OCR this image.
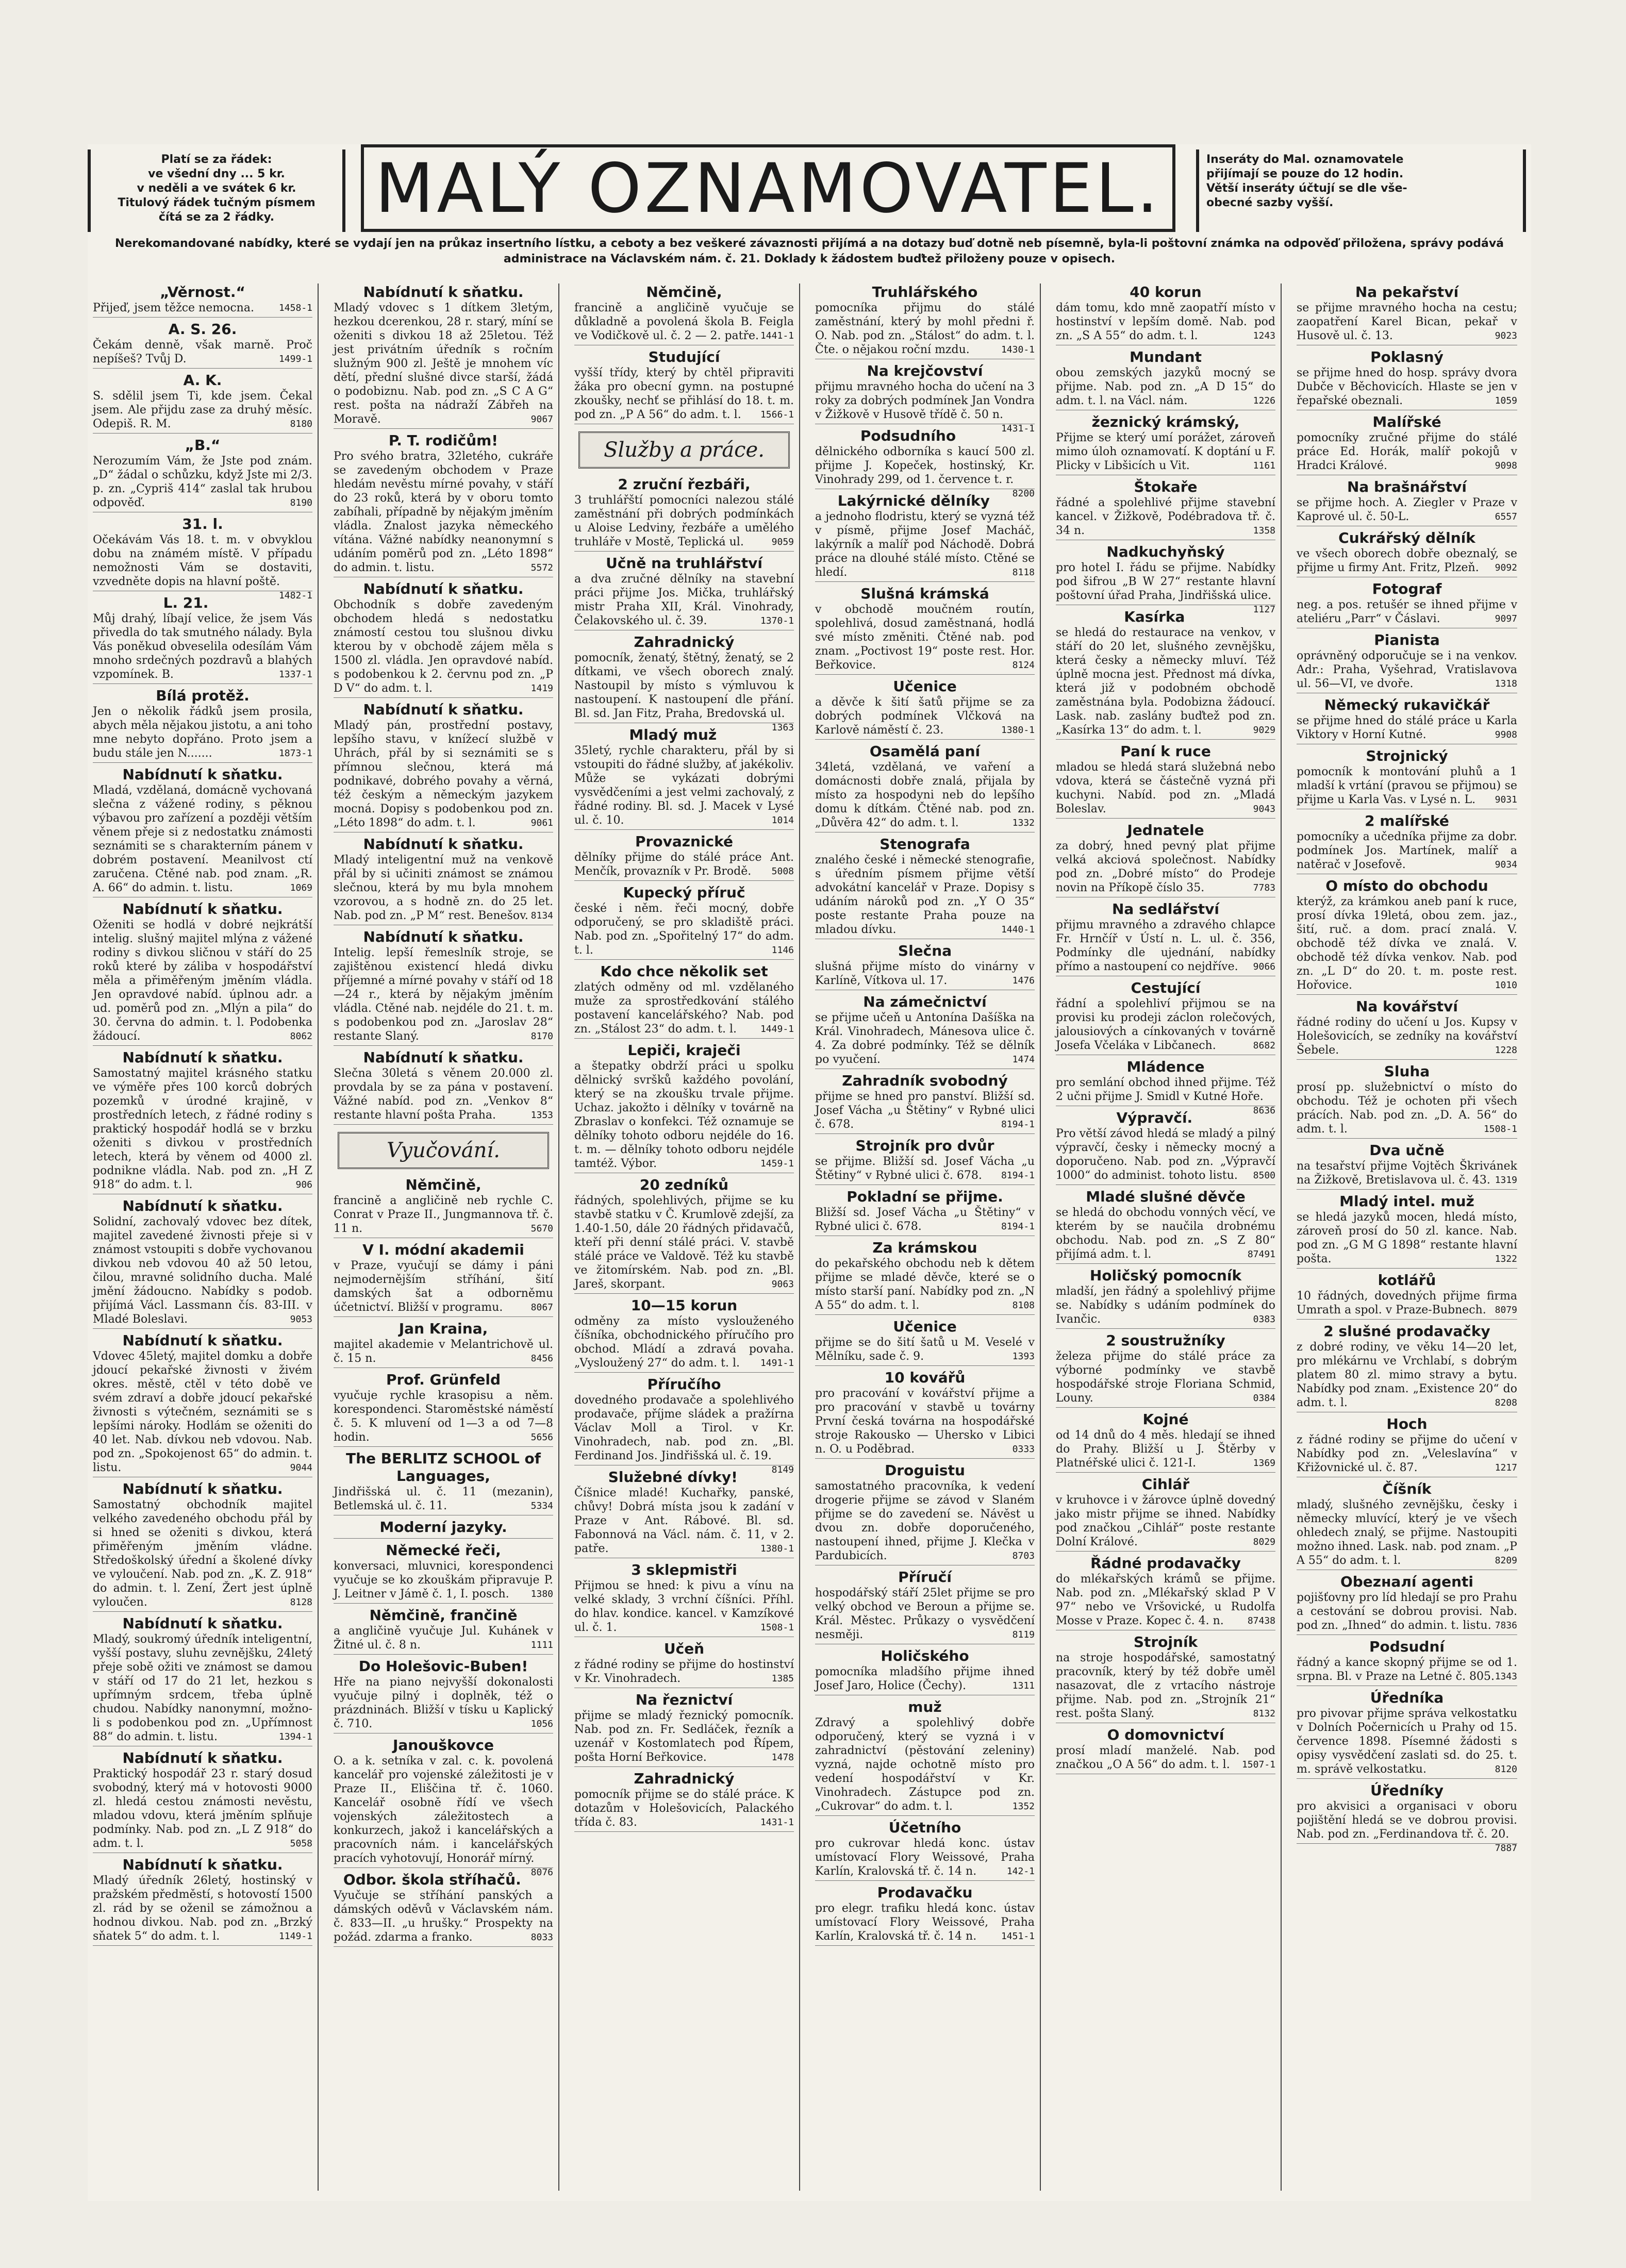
Platí se za řádek:
ve všední dny ... 5 kr.
v neděli a ve svátek 6 kr.
Titulový řádek tučným písmem
čítá se za 2 řádky.	MALÝ OZNAMOVATEL.	Inseráty do Mal. oznamovatele
přijímají se pouze do 12 hodin.
Větší inseráty účtují se dle vše-
obecné sazby vyšší.
Nerekomandované nabídky, které se vydají jen na průkaz insertního lístku, a ceboty a bez veškeré závaznosti přijímá a na dotazy buď dotně neb písemně, byla-li poštovní známka na odpověď přiložena, správy podává administrace na Václavském nám. č. 21. Doklady k žádostem buďtež přiloženy pouze v opisech.
„Věrnost.“
Přijeď, jsem těžce nemocna.	1458-1
A. S. 26.
Čekám denně, však marně. Proč nepíšeš? Tvůj D.	1499-1
A. K.
S. sdělil jsem Ti, kde jsem. Čekal jsem. Ale přijdu zase za druhý měsíc. Odepiš. R. M.	8180
„B.“
Nerozumím Vám, že Jste pod znám. „D“ žádal o schůzku, když Jste mi 2/3. p. zn. „Cypriš 414“ zaslal tak hrubou odpověď.	8190
31. l.
Očekávám Vás 18. t. m. v obvyklou dobu na známém místě. V případu nemožnosti Vám se dostaviti, vzvedněte dopis na hlavní poště.
1482-1
L. 21.
Můj drahý, líbají velice, že jsem Vás přivedla do tak smutného nálady. Byla Vás poněkud obveselila odesílám Vám mnoho srdečných pozdravů a blahých vzpomínek. B.	1337-1
Bílá protěž.
Jen o několik řádků jsem prosila, abych měla nějakou jistotu, a ani toho mne nebyto dopřáno. Proto jsem a budu stále jen N.......	1873-1
Nabídnutí k sňatku.
Mladá, vzdělaná, domácně vychovaná slečna z vážené rodiny, s pěknou výbavou pro zařízení a později větším věnem přeje si z nedostatku známosti seznámiti se s charakterním pánem v dobrém postavení. Meanilvost ctí zaručena. Ctěné nab. pod znam. „R. A. 66“ do admin. t. listu.	1069
Nabídnutí k sňatku.
Oženiti se hodlá v dobré nejkrátší intelig. slušný majitel mlýna z vážené rodiny s divkou sličnou v stáří do 25 roků které by záliba v hospodářství měla a přiměřeným jměním vládla. Jen opravdové nabíd. úplnou adr. a ud. poměrů pod zn. „Mlýn a pila“ do 30. června do admin. t. l. Podobenka žádoucí.	8062
Nabídnutí k sňatku.
Samostatný majitel krásného statku ve výměře přes 100 korců dobrých pozemků v úrodné krajině, v prostředních letech, z řádné rodiny s praktický hospodář hodlá se v brzku oženiti s divkou v prostředních letech, která by věnem od 4000 zl. podnikne vládla. Nab. pod zn. „H Z 918“ do adm. t. l.	906
Nabídnutí k sňatku.
Solidní, zachovalý vdovec bez dítek, majitel zavedené živnosti přeje si v známost vstoupiti s dobře vychovanou divkou neb vdovou 40 až 50 letou, čilou, mravné solidního ducha. Malé jmění žádoucno. Nabídky s podob. přijímá Václ. Lassmann čís. 83-III. v Mladé Boleslavi.	9053
Nabídnutí k sňatku.
Vdovec 45letý, majitel domku a dobře jdoucí pekařské živnosti v živém okres. městě, ctěl v této době ve svém zdraví a dobře jdoucí pekařské živnosti s výtečném, seznámiti se s lepšími nároky. Hodlám se oženiti do 40 let. Nab. dívkou neb vdovou. Nab. pod zn. „Spokojenost 65“ do admin. t. listu.	9044
Nabídnutí k sňatku.
Samostatný obchodník majitel velkého zavedeného obchodu přál by si hned se oženiti s divkou, která přiměřeným jměním vládne. Středoškolský úřední a školené dívky ve vyloučení. Nab. pod zn. „K. Z. 918“ do admin. t. l. Zení, Žert jest úplně vyloučen.	8128
Nabídnutí k sňatku.
Mladý, soukromý úředník inteligentní, vyšší postavy, sluhu zevnějšku, 24letý přeje sobě ožiti ve známost se damou v stáří od 17 do 21 let, hezkou s upřímným srdcem, třeba úplně chudou. Nabídky nanonymní, možno-li s podobenkou pod zn. „Upřímnost 88“ do admin. t. listu.	1394-1
Nabídnutí k sňatku.
Praktický hospodář 23 r. starý dosud svobodný, který má v hotovosti 9000 zl. hledá cestou známosti nevěstu, mladou vdovu, která jměním splňuje podmínky. Nab. pod zn. „L Z 918“ do adm. t. l.	5058
Nabídnutí k sňatku.
Mladý úředník 26letý, hostinský v pražském předměstí, s hotovostí 1500 zl. rád by se oženil se zámožnou a hodnou divkou. Nab. pod zn. „Brzký sňatek 5“ do adm. t. l.	1149-1
Nabídnutí k sňatku.
Mladý vdovec s 1 dítkem 3letým, hezkou dcerenkou, 28 r. starý, míní se oženiti s divkou 18 až 25letou. Též jest privátním úředník s ročním služným 900 zl. Ještě je mnohem víc dětí, přední slušné divce starší, žádá o podobiznu. Nab. pod zn. „S C A G“ rest. pošta na nádraží Zábřeh na Moravě.	9067
P. T. rodičům!
Pro svého bratra, 32letého, cukráře se zavedeným obchodem v Praze hledám nevěstu mírné povahy, v stáří do 23 roků, která by v oboru tomto zabíhali, případně by nějakým jměním vládla. Znalost jazyka německého vítána. Vážné nabídky neanonymní s udáním poměrů pod zn. „Léto 1898“ do admin. t. listu.	5572
Nabídnutí k sňatku.
Obchodník s dobře zavedeným obchodem hledá s nedostatku známostí cestou tou slušnou divku kterou by v obchodě zájem měla s 1500 zl. vládla. Jen opravdové nabíd. s podobenkou k 2. červnu pod zn. „P D V“ do adm. t. l.	1419
Nabídnutí k sňatku.
Mladý pán, prostřední postavy, lepšího stavu, v knížecí službě v Uhrách, přál by si seznámiti se s přímnou slečnou, která má podnikavé, dobrého povahy a věrná, též českým a německým jazykem mocná. Dopisy s podobenkou pod zn. „Léto 1898“ do adm. t. l.	9061
Nabídnutí k sňatku.
Mladý inteligentní muž na venkově přál by si učiniti známost se známou slečnou, která by mu byla mnohem vzorovou, a s hodně zn. do 25 let. Nab. pod zn. „P M“ rest. Benešov. 8134
Nabídnutí k sňatku.
Intelig. lepší řemeslník stroje, se zajištěnou existencí hledá divku příjemné a mírné povahy v stáří od 18—24 r., která by nějakým jměním vládla. Ctěné nab. nejdéle do 21. t. m. s podobenkou pod zn. „Jaroslav 28“ restante Slaný.	8170
Nabídnutí k sňatku.
Slečna 30letá s věnem 20.000 zl. provdala by se za pána v postavení. Vážné nabíd. pod zn. „Venkov 8“ restante hlavní pošta Praha.	1353
Vyučování.
Němčině,
francině a angličině neb rychle C. Conrat v Praze II., Jungmannova tř. č. 11 n.	5670
V I. módní akademii
v Praze, vyučují se dámy i páni nejmodernějším stříhání, šití damských šat a odborněmu účetnictví. Bližší v programu.	8067
Jan Kraina,
majitel akademie v Melantrichově ul. č. 15 n.	8456
Prof. Grünfeld
vyučuje rychle krasopisu a něm. korespondenci. Staroměstské náměstí č. 5. K mluvení od 1—3 a od 7—8 hodin.	5656
The BERLITZ SCHOOL of Languages,
Jindřišská ul. č. 11 (mezanin), Betlemská ul. č. 11.	5334
Moderní jazyky.
Německé řeči,
konversaci, mluvnici, korespondenci vyučuje se ko zkouškám připravuje P. J. Leitner v Jámě č. 1, I. posch. 1380
Němčině, frančině
a angličině vyučuje Jul. Kuhánek v Žitné ul. č. 8 n.	1111
Do Holešovic-Buben!
Hře na piano nejvyšší dokonalosti vyučuje pilný i doplněk, též o prázdninách. Bližší v tísku u Kaplický č. 710.	1056
Janouškovce
O. a k. setníka v zal. c. k. povolená kancelář pro vojenské záležitosti je v Praze II., Eliščina tř. č. 1060. Kancelář osobně řídí ve všech vojenských záležitostech a konkurzech, jakož i kancelářských a pracovních nám. i kancelářských pracích vyhotovují, Honorář mírný.
8076
Odbor. škola stříhačů.
Vyučuje se stříhání panských a dámských oděvů v Václavském nám. č. 833—II. „u hrušky.“ Prospekty na požád. zdarma a franko.	8033
Němčině,
francině a angličině vyučuje se důkladně a povolená škola B. Feigla ve Vodičkově ul. č. 2 — 2. patře. 1441-1
Studující
vyšší třídy, který by chtěl připraviti žáka pro obecní gymn. na postupné zkoušky, nechť se přihlásí do 18. t. m. pod zn. „P A 56“ do adm. t. l. 1566-1
Služby a práce.
2 zruční řezbáři,
3 truhlářští pomocníci nalezou stálé zaměstnání při dobrých podmínkách u Aloise Ledviny, řezbáře a umělého truhláře v Mostě, Teplická ul.	9059
Učně na truhlářství
a dva zručné dělníky na stavební práci přijme Jos. Mička, truhlářský mistr Praha XII, Král. Vinohrady, Čelakovského ul. č. 39.	1370-1
Zahradnický
pomocník, ženatý, štětný, ženatý, se 2 dítkami, ve všech oborech znalý. Nastoupil by místo s výmluvou k nastoupení. K nastoupení dle přání. Bl. sd. Jan Fitz, Praha, Bredovská ul.
1363
Mladý muž
35letý, rychle charakteru, přál by si vstoupiti do řádné služby, ať jakékoliv. Může se vykázati dobrými vysvědčeními a jest velmi zachovalý, z řádné rodiny. Bl. sd. J. Macek v Lysé ul. č. 10.	1014
Provaznické
dělníky přijme do stálé práce Ant. Menčík, provazník v Pr. Brodě. 5008
Kupecký příruč
české i něm. řeči mocný, dobře odporučený, se pro skladiště práci. Nab. pod zn. „Spořitelný 17“ do adm. t. l.	1146
Kdo chce několik set
zlatých odměny od ml. vzdělaného muže za sprostředkování stálého postavení kancelářského? Nab. pod zn. „Stálost 23“ do adm. t. l.	1449-1
Lepiči, kraječi
a štepatky obdrží práci u spolku dělnický svršků každého povolání, který se na zkoušku trvale přijme. Uchaz. jakožto i dělníky v továrně na Zbraslav o konfekci. Též oznamuje se dělníky tohoto odboru nejdéle do 16. t. m. — dělníky tohoto odboru nejdéle tamtéž. Výbor.	1459-1
20 zedníků
řádných, spolehlivých, přijme se ku stavbě statku v Č. Krumlově zdejší, za 1.40-1.50, dále 20 řádných přidavačů, kteří při denní stálé práci. V. stavbě stálé práce ve Valdově. Též ku stavbě ve žitomírském. Nab. pod zn. „Bl. Jareš, skorpant.	9063
10—15 korun
odměny za místo vyslouženého číšníka, obchodnického příručího pro obchod. Mládí a zdravá povaha. „Vysloužený 27“ do adm. t. l. 1491-1
Příručího
dovedného prodavače a spolehlivého prodavače, příjme sládek a pražírna Václav Moll a Tirol. v Kr. Vinohradech, nab. pod zn. „Bl. Ferdinand Jos. Jindřišská ul. č. 19.
8149
Služebné dívky!
Číšnice mladé! Kuchařky, panské, chůvy! Dobrá místa jsou k zadání v Praze v Ant. Rábové. Bl. sd. Fabonnová na Václ. nám. č. 11, v 2. patře.	1380-1
3 sklepmistři
Přijmou se hned: k pivu a vínu na velké sklady, 3 vrchní číšníci. Příhl. do hlav. kondice. kancel. v Kamzíkové ul. č. 1.	1508-1
Učeň
z řádné rodiny se přijme do hostinství v Kr. Vinohradech.	1385
Na řeznictví
přijme se mladý řeznický pomocník. Nab. pod zn. Fr. Sedláček, řezník a uzenář v Kostomlatech pod Řípem, pošta Horní Beřkovice.	1478
Zahradnický
pomocník přijme se do stálé práce. K dotazům v Holešovicích, Palackého třída č. 83.	1431-1
Truhlářského
pomocníka přijmu do stálé zaměstnání, který by mohl předni ř. O. Nab. pod zn. „Stálost“ do adm. t. l. Čte. o nějakou roční mzdu.	1430-1
Na krejčovství
přijmu mravného hocha do učení na 3 roky za dobrých podmínek Jan Vondra v Žižkově v Husově třídě č. 50 n.
1431-1
Podsudního
dělnického odborníka s kaucí 500 zl. přijme J. Kopeček, hostinský, Kr. Vinohrady 299, od 1. července t. r.
8200
Lakýrnické dělníky
a jednoho flodristu, který se vyzná též v písmě, přijme Josef Macháč, lakýrník a malíř pod Náchodě. Dobrá práce na dlouhé stálé místo. Ctěné se hledí.	8118
Slušná krámská
v obchodě moučném routín, spolehlivá, dosud zaměstnaná, hodlá své místo změniti. Čtěné nab. pod znam. „Poctivost 19“ poste rest. Hor. Beřkovice.	8124
Učenice
a děvče k šití šatů přijme se za dobrých podmínek Vlčková na Karlově náměstí č. 23.	1380-1
Osamělá paní
34letá, vzdělaná, ve vaření a domácnosti dobře znalá, přijala by místo za hospodyni neb do lepšího domu k dítkám. Čtěné nab. pod zn. „Důvěra 42“ do adm. t. l.	1332
Stenografa
znalého české i německé stenografie, s úředním písmem přijme větší advokátní kancelář v Praze. Dopisy s udáním nároků pod zn. „Y O 35“ poste restante Praha pouze na mladou dívku.	1440-1
Slečna
slušná přijme místo do vinárny v Karlíně, Vítkova ul. 17.	1476
Na zámečnictví
se přijme učeň u Antonína Dašíška na Král. Vinohradech, Mánesova ulice č. 4. Za dobré podmínky. Též se dělník po vyučení.	1474
Zahradník svobodný
přijme se hned pro panství. Bližší sd. Josef Vácha „u Štětiny“ v Rybné ulici č. 678.	8194-1
Strojník pro dvůr
se přijme. Bližší sd. Josef Vácha „u Štětiny“ v Rybné ulici č. 678. 8194-1
Pokladní se přijme.
Bližší sd. Josef Vácha „u Štětiny“ v Rybné ulici č. 678.	8194-1
Za krámskou
do pekařského obchodu neb k dětem přijme se mladé děvče, které se o místo starší paní. Nabídky pod zn. „N A 55“ do adm. t. l.	8108
Učenice
přijme se do šití šatů u M. Veselé v Mělníku, sade č. 9.	1393
10 kovářů
pro pracování v kovářství přijme a pro pracování v stavbě u továrny První česká továrna na hospodářské stroje Rakousko — Uhersko v Libici n. O. u Poděbrad.	0333
Droguistu
samostatného pracovníka, k vedení drogerie přijme se závod v Slaném přijme se do zavedení se. Návěst u dvou zn. dobře doporučeného, nastoupení ihned, přijme J. Klečka v Pardubicích.	8703
Příručí
hospodářský stáří 25let přijme se pro velký obchod ve Beroun a přijme se. Král. Městec. Průkazy o vysvědčení nesměji.	8119
Holičského
pomocníka mladšího přijme ihned Josef Jaro, Holice (Čechy).	1311
muž
Zdravý a spolehlivý dobře odporučený, který se vyzná i v zahradnictví (pěstování zeleniny) vyzná, najde ochotně místo pro vedení hospodářství v Kr. Vinohradech. Zástupce pod zn. „Cukrovar“ do adm. t. l.	1352
Účetního
pro cukrovar hledá konc. ústav umístovací Flory Weissové, Praha Karlín, Kralovská tř. č. 14 n.	142-1
Prodavačku
pro elegr. trafiku hledá konc. ústav umístovací Flory Weissové, Praha Karlín, Kralovská tř. č. 14 n.	1451-1
40 korun
dám tomu, kdo mně zaopatří místo v hostinství v lepším domě. Nab. pod zn. „S A 55“ do adm. t. l.	1243
Mundant
obou zemských jazyků mocný se přijme. Nab. pod zn. „A D 15“ do adm. t. l. na Václ. nám.	1226
žeznický krámský,
Přijme se který umí porážet, zároveň mimo úloh oznamovatí. K doptání u F. Plicky v Libšicích u Vit.	1161
Štokaře
řádné a spolehlivé přijme stavební kancel. v Žižkově, Podébradova tř. č. 34 n.	1358
Nadkuchyňský
pro hotel I. řádu se přijme. Nabídky pod šifrou „B W 27“ restante hlavní poštovní úřad Praha, Jindřišská ulice.
1127
Kasírka
se hledá do restaurace na venkov, v stáří do 20 let, slušného zevnějšku, která česky a německy mluví. Též úplně mocna jest. Přednost má dívka, která již v podobném obchodě zaměstnána byla. Podobizna žádoucí. Lask. nab. zaslány buďtež pod zn. „Kasírka 13“ do adm. t. l.	9029
Paní k ruce
mladou se hledá stará služebná nebo vdova, která se částečně vyzná při kuchyni. Nabíd. pod zn. „Mladá Boleslav.	9043
Jednatele
za dobrý, hned pevný plat přijme velká akciová společnost. Nabídky pod zn. „Dobré místo“ do Prodeje novin na Příkopě číslo 35.	7783
Na sedlářství
přijmu mravného a zdravého chlapce Fr. Hrnčíř v Ústí n. L. ul. č. 356, Podmínky dle ujednání, nabídky přímo a nastoupení co nejdříve. 9066
Cestující
řádní a spolehliví přijmou se na provisi ku prodeji záclon rolečových, jalousiových a cínkovaných v továrně Josefa Včeláka v Libčanech.	8682
Mládence
pro semlání obchod ihned přijme. Též 2 učni přijme J. Smidl v Kutné Hoře.
8636
Výpravčí.
Pro větší závod hledá se mladý a pilný výpravčí, česky i německy mocný a doporučeno. Nab. pod zn. „Výpravčí 1000“ do administ. tohoto listu. 8500
Mladé slušné děvče
se hledá do obchodu vonných věcí, ve kterém by se naučila drobnému obchodu. Nab. pod zn. „S Z 80“ přijímá adm. t. l.	87491
Holičský pomocník
mladší, jen řádný a spolehlivý přijme se. Nabídky s udáním podmínek do Ivančic.	0383
2 soustružníky
železa přijme do stálé práce za výborné podmínky ve stavbě hospodářské stroje Floriana Schmid, Louny.	0384
Kojné
od 14 dnů do 4 měs. hledají se ihned do Prahy. Bližší u J. Štěrby v Platnéřské ulici č. 121-I.	1369
Cihlář
v kruhovce i v žárovce úplně dovedný jako mistr přijme se ihned. Nabídky pod značkou „Cihlář“ poste restante Dolní Králové.	8029
Řádné prodavačky
do mlékařských krámů se přijme. Nab. pod zn. „Mlékařský sklad P V 97“ nebo ve Vršovické, u Rudolfa Mosse v Praze. Kopec č. 4. n.	87438
Strojník
na stroje hospodářské, samostatný pracovník, který by též dobře uměl nasazovat, dle z vrtacího nástroje přijme. Nab. pod zn. „Strojník 21“ rest. pošta Slaný.	8132
O domovnictví
prosí mladí manželé. Nab. pod značkou „O A 56“ do adm. t. l. 1507-1
Na pekařství
se přijme mravného hocha na cestu; zaopatření Karel Bican, pekař v Husově ul. č. 13.	9023
Poklasný
se přijme hned do hosp. správy dvora Dubče v Běchovicích. Hlaste se jen v řepařské obeznali.	1059
Malířské
pomocníky zručné přijme do stálé práce Ed. Horák, malíř pokojů v Hradci Králové.	9098
Na brašnářství
se přijme hoch. A. Ziegler v Praze v Kaprové ul. č. 50-L.	6557
Cukrářský dělník
ve všech oborech dobře obeznalý, se přijme u firmy Ant. Fritz, Plzeň. 9092
Fotograf
neg. a pos. retušér se ihned přijme v ateliéru „Parr“ v Čáslavi.	9097
Pianista
oprávněný odporučuje se i na venkov. Adr.: Praha, Vyšehrad, Vratislavova ul. 56—VI, ve dvoře.	1318
Německý rukavičkář
se přijme hned do stálé práce u Karla Viktory v Horní Kutné.	9908
Strojnický
pomocník k montování pluhů a 1 mladší k vrtání (pravou se přijmou) se přijme u Karla Vas. v Lysé n. L. 9031
2 malířské
pomocníky a učedníka přijme za dobr. podmínek Jos. Martínek, malíř a natěrač v Josefově.	9034
O místo do obchodu
kterýž, za krámkou aneb paní k ruce, prosí dívka 19letá, obou zem. jaz., šití, ruč. a dom. prací znalá. V. obchodě též dívka ve znalá. V. obchodě též dívka venkov. Nab. pod zn. „L D“ do 20. t. m. poste rest. Hořovice.	1010
Na kovářství
řádné rodiny do učení u Jos. Kupsy v Holešovicích, se zedníky na kovářství Šebele.	1228
Sluha
prosí pp. služebnictví o místo do obchodu. Též je ochoten při všech prácích. Nab. pod zn. „D. A. 56“ do adm. t. l.	1508-1
Dva učně
na tesařství přijme Vojtěch Škrivánek na Žižkově, Bretislavova ul. č. 43. 1319
Mladý intel. muž
se hledá jazyků mocen, hledá místo, zároveň prosí do 50 zl. kance. Nab. pod zn. „G M G 1898“ restante hlavní pošta.	1322
kotlářů
10 řádných, dovedných přijme firma Umrath a spol. v Praze-Bubnech. 8079
2 slušné prodavačky
z dobré rodiny, ve věku 14—20 let, pro mlékárnu ve Vrchlabí, s dobrým platem 80 zl. mimo stravy a bytu. Nabídky pod znam. „Existence 20“ do adm. t. l.	8208
Hoch
z řádné rodiny se přijme do učení v Nabídky pod zn. „Veleslavína“ v Křižovnické ul. č. 87.	1217
Číšník
mladý, slušného zevnějšku, česky i německy mluvící, který je ve všech ohledech znalý, se přijme. Nastoupiti možno ihned. Lask. nab. pod znam. „P A 55“ do adm. t. l.	8209
Obezналí agenti
pojišťovny pro líd hledají se pro Prahu a cestování se dobrou provisi. Nab. pod zn. „Ihned“ do admin. t. listu. 7836
Podsudní
řádný a kance skopný přijme se od 1. srpna. Bl. v Praze na Letné č. 805. 1343
Úředníka
pro pivovar přijme správa velkostatku v Dolních Počernicích u Prahy od 15. července 1898. Písemné žádosti s opisy vysvědčení zaslati sd. do 25. t. m. správě velkostatku.	8120
Úředníky
pro akvisici a organisaci v oboru pojištění hledá se ve dobrou provisi. Nab. pod zn. „Ferdinandova tř. č. 20.
7887
